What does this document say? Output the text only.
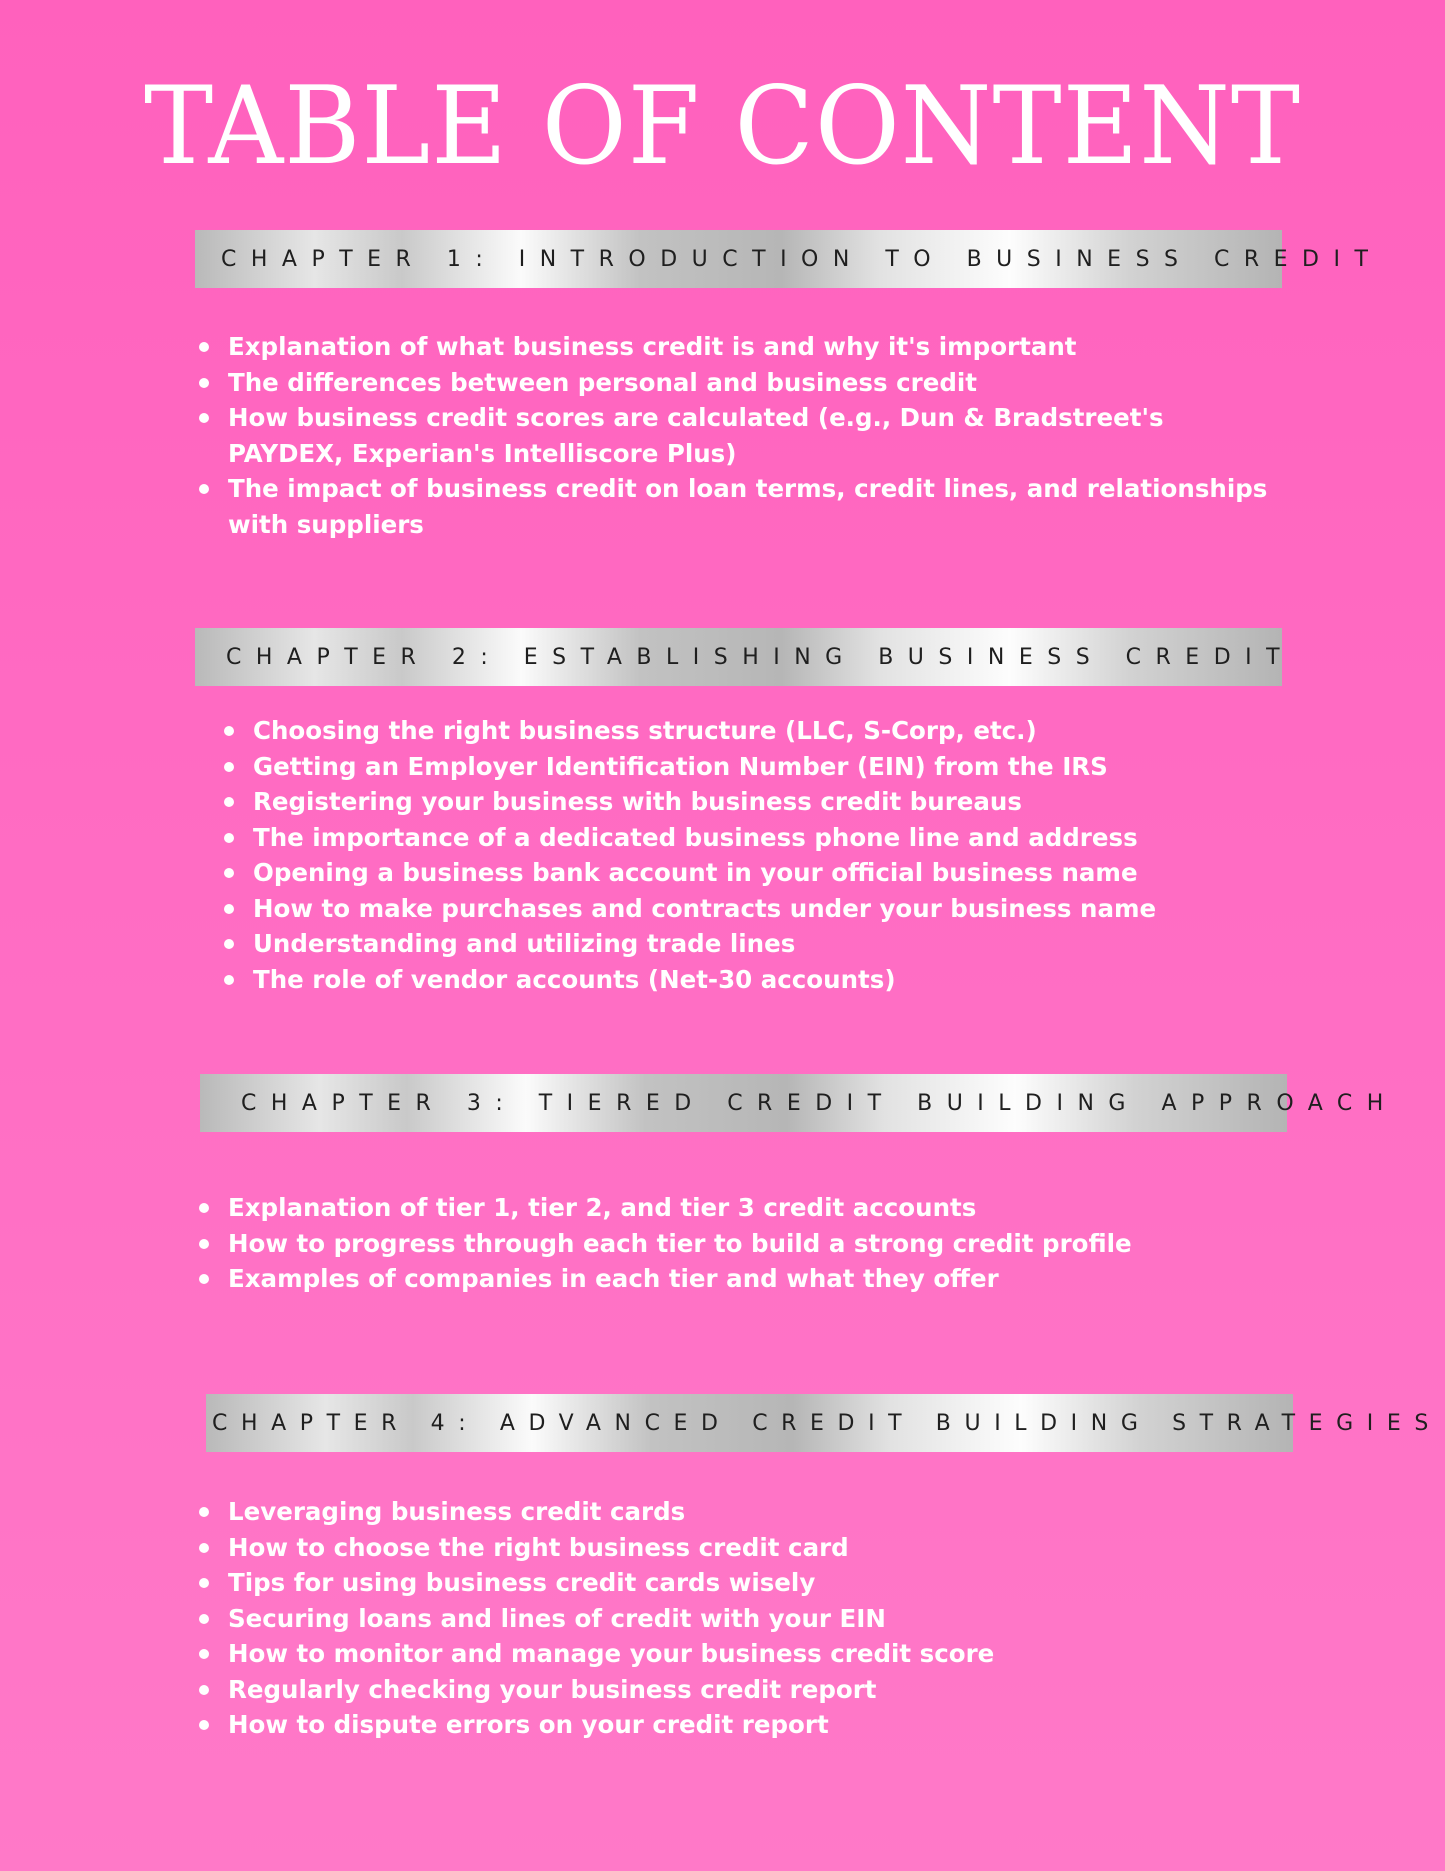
TABLE OF CONTENT
CHAPTER 1: INTRODUCTION TO BUSINESS CREDIT
Explanation of what business credit is and why it's important
The differences between personal and business credit
How business credit scores are calculated (e.g., Dun & Bradstreet's PAYDEX, Experian's Intelliscore Plus)
The impact of business credit on loan terms, credit lines, and relationships with suppliers
CHAPTER 2: ESTABLISHING BUSINESS CREDIT
Choosing the right business structure (LLC, S-Corp, etc.)
Getting an Employer Identification Number (EIN) from the IRS
Registering your business with business credit bureaus
The importance of a dedicated business phone line and address
Opening a business bank account in your official business name
How to make purchases and contracts under your business name
Understanding and utilizing trade lines
The role of vendor accounts (Net-30 accounts)
CHAPTER 3: TIERED CREDIT BUILDING APPROACH
Explanation of tier 1, tier 2, and tier 3 credit accounts
How to progress through each tier to build a strong credit profile
Examples of companies in each tier and what they offer
CHAPTER 4: ADVANCED CREDIT BUILDING STRATEGIES
Leveraging business credit cards
How to choose the right business credit card
Tips for using business credit cards wisely
Securing loans and lines of credit with your EIN
How to monitor and manage your business credit score
Regularly checking your business credit report
How to dispute errors on your credit report
